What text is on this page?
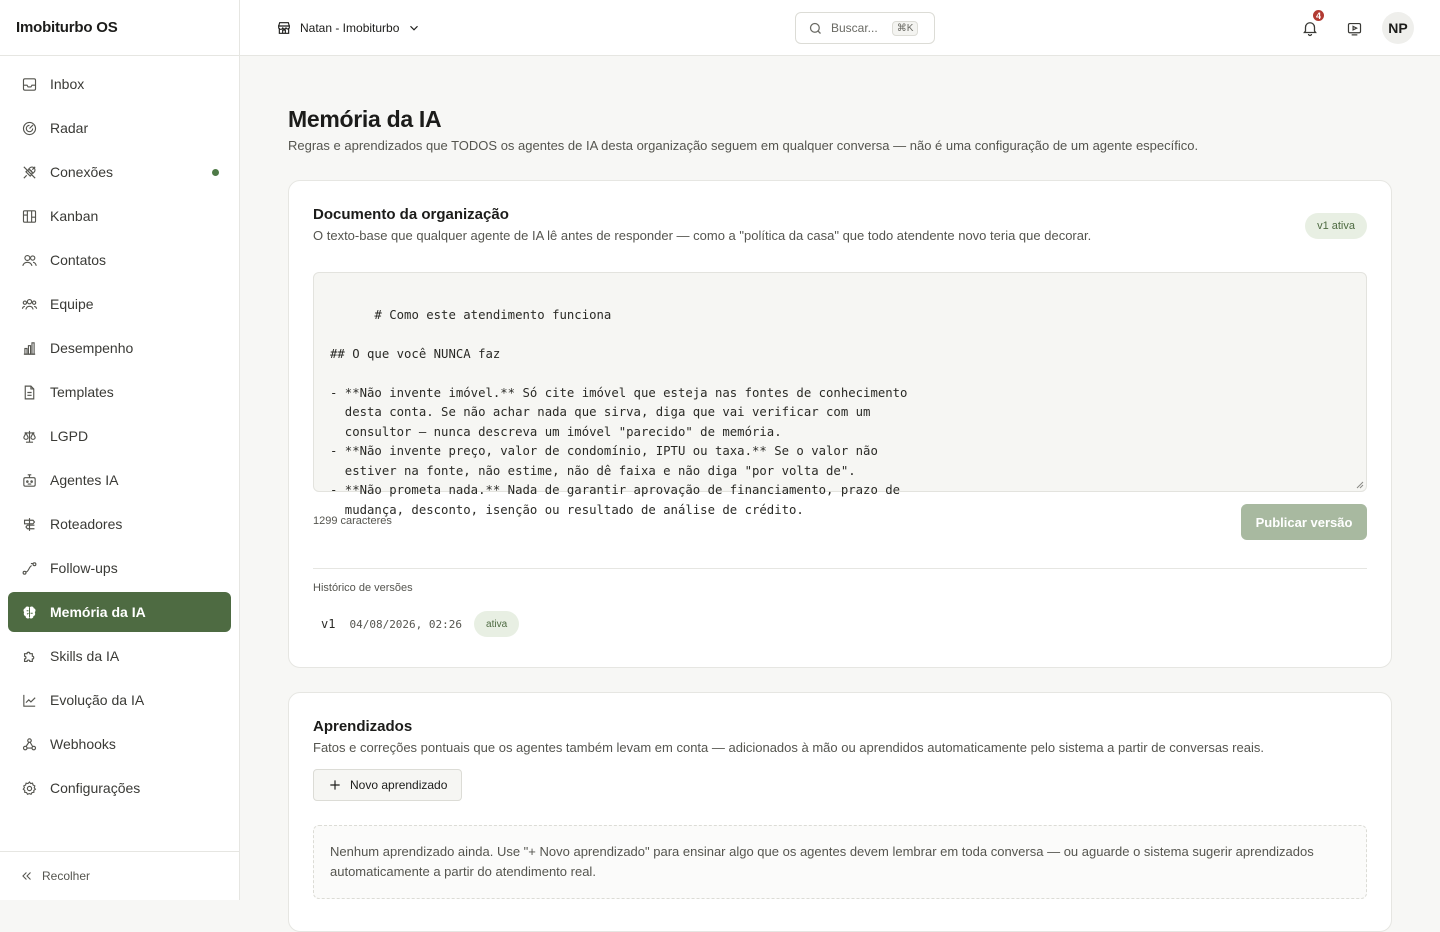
Imobiturbo OS
Inbox
Radar
Conexões
Kanban
Contatos
Equipe
Desempenho
Templates
LGPD
Agentes IA
Roteadores
Follow-ups
Memória da IA
Skills da IA
Evolução da IA
Webhooks
Configurações
Recolher
Natan - Imobiturbo	Buscar...	⌘K
4
NP
Memória da IA

Regras e aprendizados que TODOS os agentes de IA desta organização seguem em qualquer conversa — não é uma configuração de um agente específico.

Documento da organização

O texto-base que qualquer agente de IA lê antes de responder — como a "política da casa" que todo atendente novo teria que decorar.

v1 ativa

# Como este atendimento funciona

## O que você NUNCA faz

- **Não invente imóvel.** Só cite imóvel que esteja nas fontes de conhecimento
desta conta. Se não achar nada que sirva, diga que vai verificar com um
consultor — nunca descreva um imóvel "parecido" de memória.
- **Não invente preço, valor de condomínio, IPTU ou taxa.** Se o valor não
estiver na fonte, não estime, não dê faixa e não diga "por volta de".
- **Não prometa nada.** Nada de garantir aprovação de financiamento, prazo de
mudança, desconto, isenção ou resultado de análise de crédito.

1299 caracteres	Publicar versão
Histórico de versões
v1 04/08/2026, 02:26	ativa
Aprendizados

Fatos e correções pontuais que os agentes também levam em conta — adicionados à mão ou aprendidos automaticamente pelo sistema a partir de conversas reais.

Novo aprendizado
Nenhum aprendizado ainda. Use "+ Novo aprendizado" para ensinar algo que os agentes devem lembrar em toda conversa — ou aguarde o sistema sugerir aprendizados automaticamente a partir do atendimento real.
